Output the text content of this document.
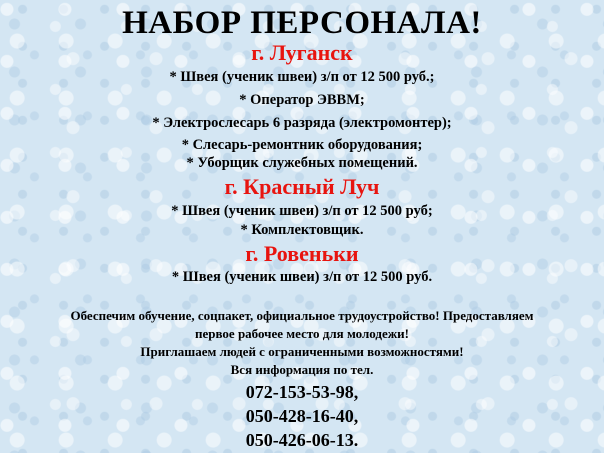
НАБОР ПЕРСОНАЛА!
г. Луганск
* Швея (ученик швеи) з/п от 12 500 руб.;
* Оператор ЭВВМ;
* Электрослесарь 6 разряда (электромонтер);
* Слесарь-ремонтник оборудования;
* Уборщик служебных помещений.
г. Красный Луч
* Швея (ученик швеи) з/п от 12 500 руб;
* Комплектовщик.
г. Ровеньки
* Швея (ученик швеи) з/п от 12 500 руб.
Обеспечим обучение, соцпакет, официальное трудоустройство! Предоставляем
первое рабочее место для молодежи!
Приглашаем людей с ограниченными возможностями!
Вся информация по тел.
072-153-53-98,
050-428-16-40,
050-426-06-13.
